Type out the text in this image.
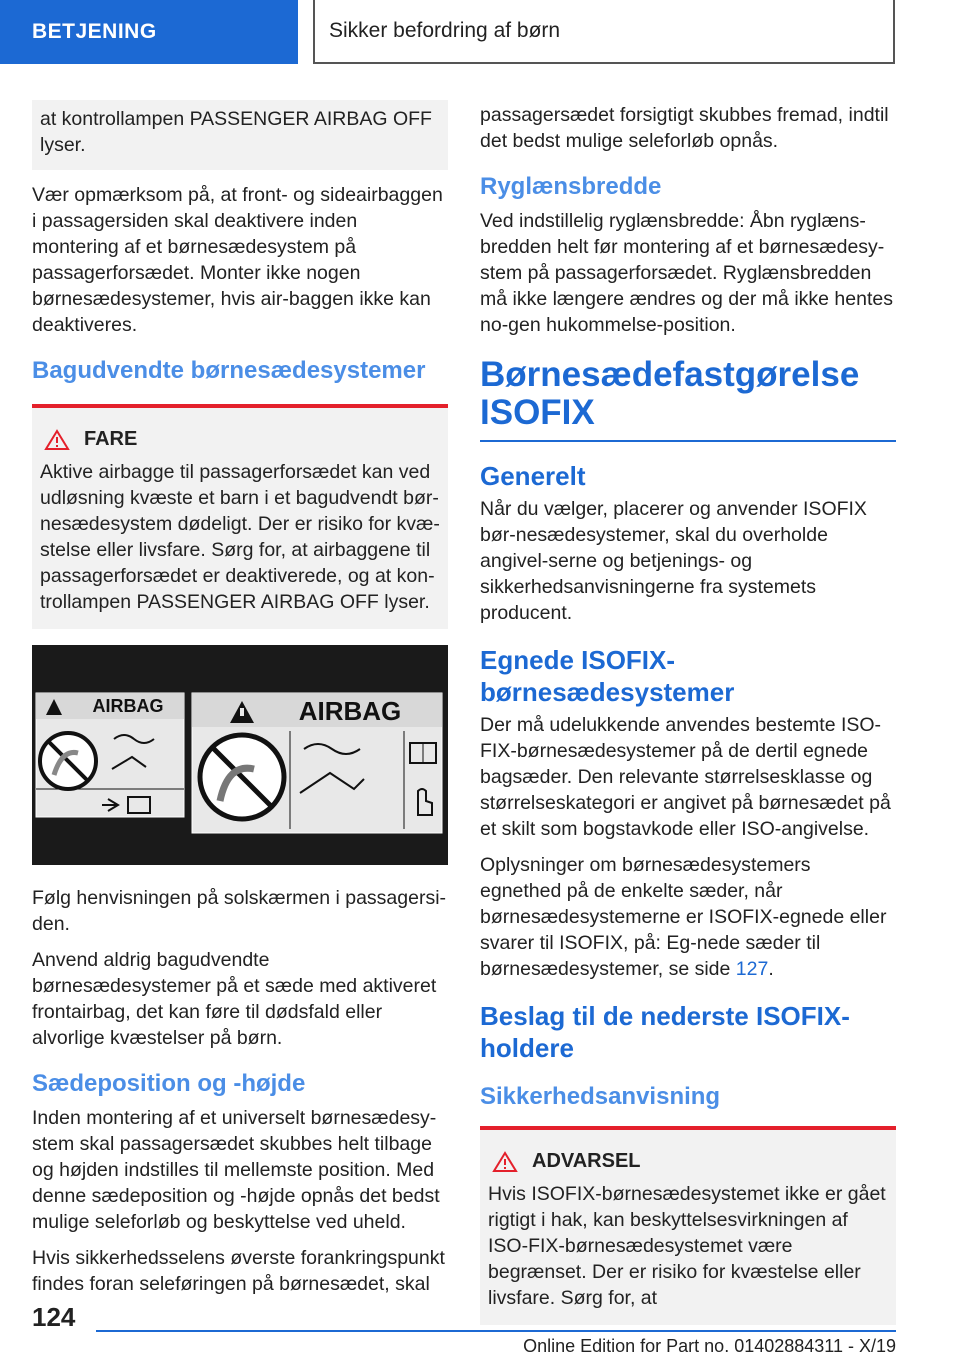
BETJENING	Sikker befordring af børn

at kontrollampen PASSENGER AIRBAG OFF lyser.

Vær opmærksom på, at front- og sideairbaggen i passagersiden skal deaktivere inden montering af et børnesædesystem på passagerforsædet. Monter ikke nogen børnesædesystemer, hvis air‐baggen ikke kan deaktiveres.

Bagudvendte børnesædesystemer
FARE

Aktive airbagge til passagerforsædet kan ved udløsning kvæste et barn i et bagudvendt bør‐nesædesystem dødeligt. Der er risiko for kvæ‐stelse eller livsfare. Sørg for, at airbaggene til passagerforsædet er deaktiverede, og at kon‐trollampen PASSENGER AIRBAG OFF lyser.

AIRBAG	AIRBAG

Følg henvisningen på solskærmen i passagersi‐den.

Anvend aldrig bagudvendte børnesædesystemer på et sæde med aktiveret frontairbag, det kan føre til dødsfald eller alvorlige kvæstelser på børn.

Sædeposition og -højde

Inden montering af et universelt børnesædesy‐stem skal passagersædet skubbes helt tilbage og højden indstilles til mellemste position. Med denne sædeposition og -højde opnås det bedst mulige seleforløb og beskyttelse ved uheld.

Hvis sikkerhedsselens øverste forankringspunkt findes foran seleføringen på børnesædet, skal

passagersædet forsigtigt skubbes fremad, indtil det bedst mulige seleforløb opnås.

Ryglænsbredde

Ved indstillelig ryglænsbredde: Åbn ryglæns‐bredden helt før montering af et børnesædesy‐stem på passagerforsædet. Ryglænsbredden må ikke længere ændres og der må ikke hentes no‐gen hukommelse-position.

Børnesædefastgørelse ISOFIX
Generelt

Når du vælger, placerer og anvender ISOFIX bør‐nesædesystemer, skal du overholde angivel‐serne og betjenings- og sikkerhedsanvisningerne fra systemets producent.

Egnede ISOFIX-børnesædesystemer

Der må udelukkende anvendes bestemte ISO‐FIX-børnesædesystemer på de dertil egnede bagsæder. Den relevante størrelsesklasse og størrelseskategori er angivet på børnesædet på et skilt som bogstavkode eller ISO-angivelse.

Oplysninger om børnesædesystemers egnethed på de enkelte sæder, når børnesædesystemerne er ISOFIX-egnede eller svarer til ISOFIX, på: Eg‐nede sæder til børnesædesystemer, se side 127.

Beslag til de nederste ISOFIX-holdere
Sikkerhedsanvisning
ADVARSEL

Hvis ISOFIX-børnesædesystemet ikke er gået rigtigt i hak, kan beskyttelsesvirkningen af ISO‐FIX-børnesædesystemet være begrænset. Der er risiko for kvæstelse eller livsfare. Sørg for, at

124
Online Edition for Part no. 01402884311 - X/19
